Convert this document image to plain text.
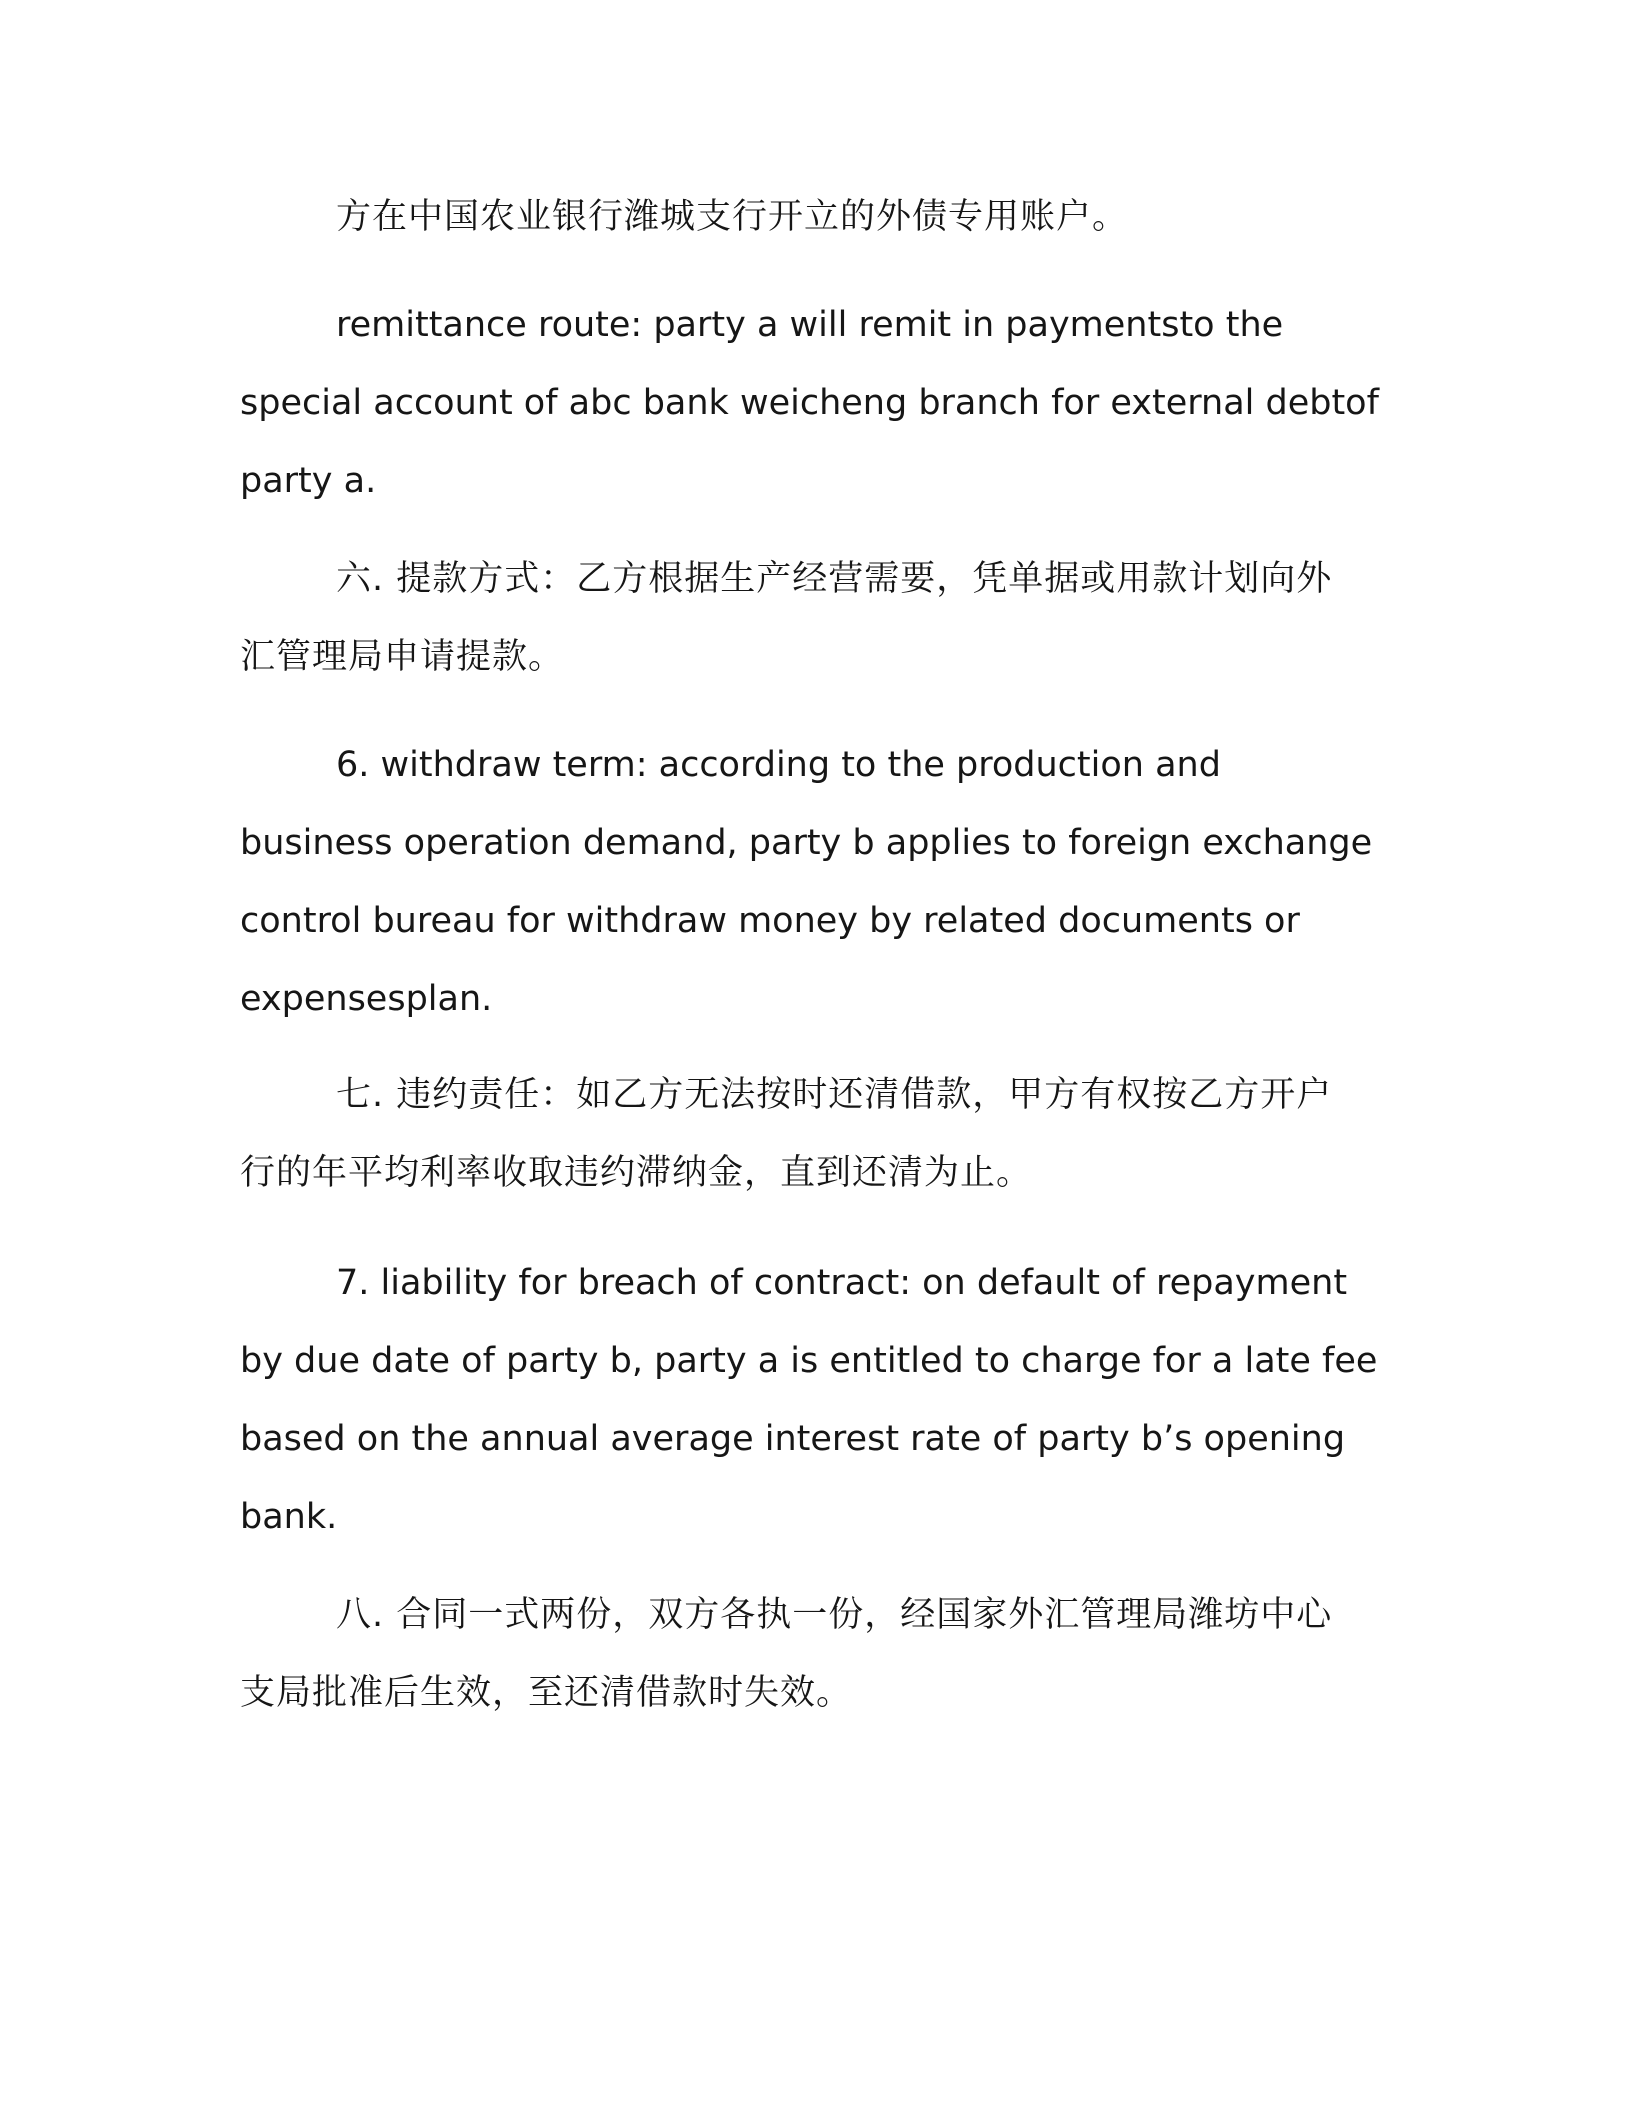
方在中国农业银行潍城支行开立的外债专用账户。
remittance route: party a will remit in paymentsto the
special account of abc bank weicheng branch for external debtof
party a.
六. 提款方式：乙方根据生产经营需要，凭单据或用款计划向外
汇管理局申请提款。
6. withdraw term: according to the production and
business operation demand, party b applies to foreign exchange
control bureau for withdraw money by related documents or
expensesplan.
七. 违约责任：如乙方无法按时还清借款，甲方有权按乙方开户
行的年平均利率收取违约滞纳金，直到还清为止。
7. liability for breach of contract: on default of repayment
by due date of party b, party a is entitled to charge for a late fee
based on the annual average interest rate of party b’s opening
bank.
八. 合同一式两份，双方各执一份，经国家外汇管理局潍坊中心
支局批准后生效，至还清借款时失效。
